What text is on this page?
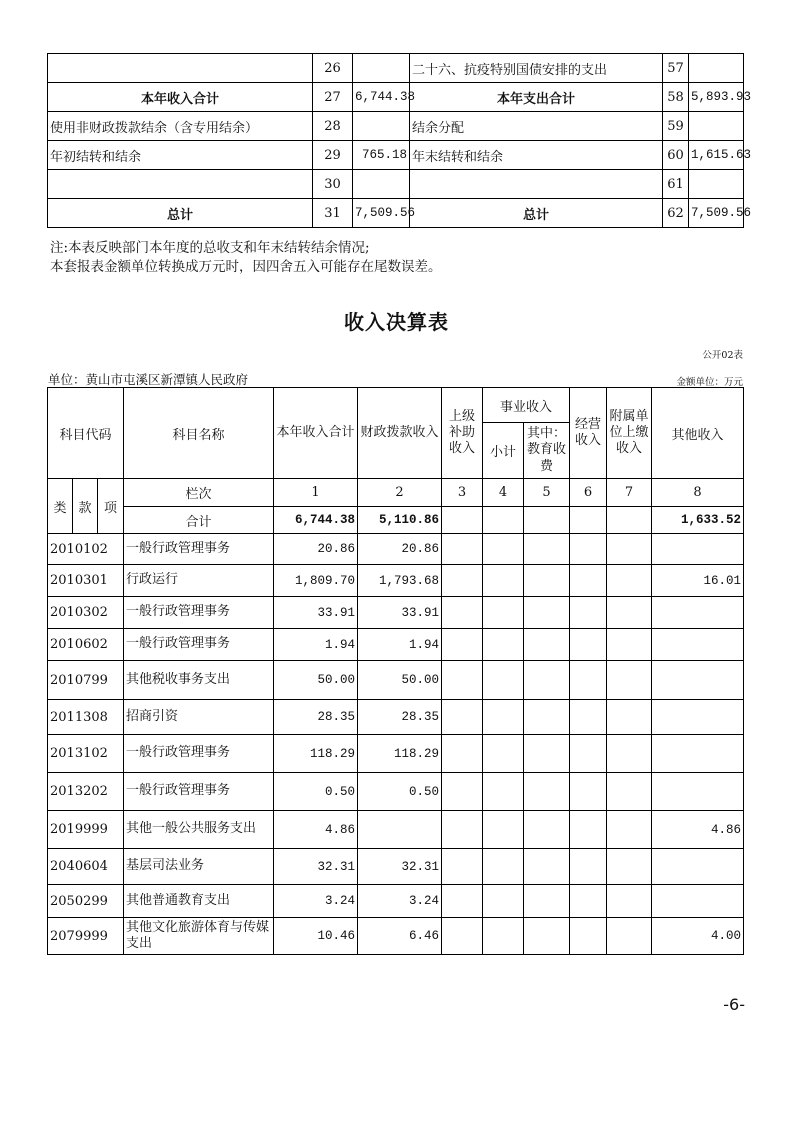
	26		二十六、抗疫特别国债安排的支出	57	
本年收入合计	27	6,744.38	本年支出合计	58	5,893.93
使用非财政拨款结余（含专用结余）	28		结余分配	59	
年初结转和结余	29	765.18	年末结转和结余	60	1,615.63
	30			61	
总计	31	7,509.56	总计	62	7,509.56
注:本表反映部门本年度的总收支和年末结转结余情况;
本套报表金额单位转换成万元时，因四舍五入可能存在尾数误差。
收入决算表
公开02表
单位：黄山市屯溪区新潭镇人民政府	金额单位：万元
科目代码			科目名称	本年收入合计	财政拨款收入	上级补助收入	事业收入		经营收入	附属单位上缴收入	其他收入
							小计	其中：教育收费			

类	款	项	栏次	1	2	3	4	5	6	7	8
			合计	6,744.38	5,110.86						1,633.52
2010102			一般行政管理事务	20.86	20.86						
2010301			行政运行	1,809.70	1,793.68						16.01
2010302			一般行政管理事务	33.91	33.91						
2010602			一般行政管理事务	1.94	1.94						
2010799			其他税收事务支出	50.00	50.00						
2011308			招商引资	28.35	28.35						
2013102			一般行政管理事务	118.29	118.29						
2013202			一般行政管理事务	0.50	0.50						
2019999			其他一般公共服务支出	4.86							4.86
2040604			基层司法业务	32.31	32.31						
2050299			其他普通教育支出	3.24	3.24						
2079999			其他文化旅游体育与传媒支出	10.46	6.46						4.00
-6-
